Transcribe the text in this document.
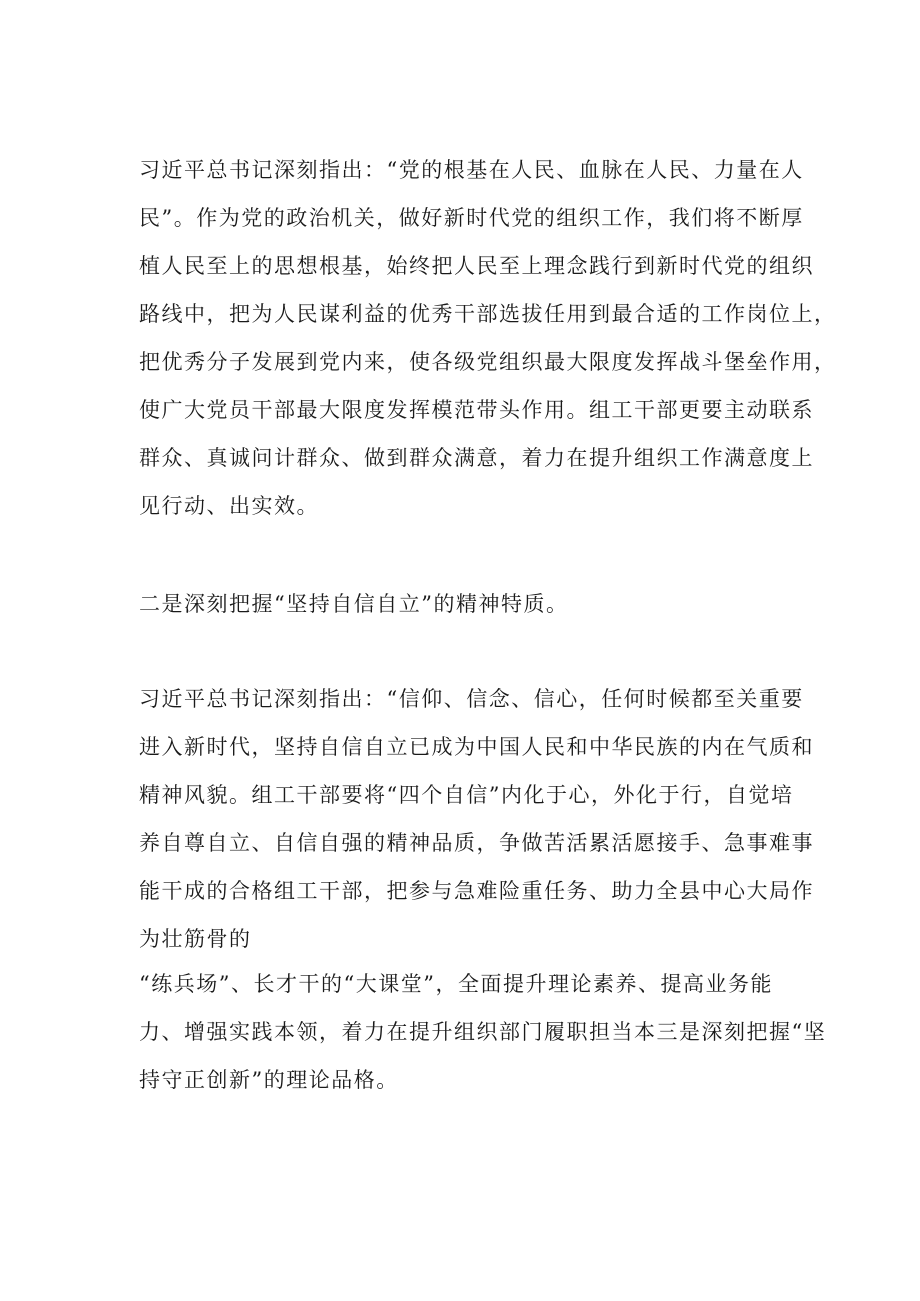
习近平总书记深刻指出：“党的根基在人民、血脉在人民、力量在人
民”。作为党的政治机关，做好新时代党的组织工作，我们将不断厚
植人民至上的思想根基，始终把人民至上理念践行到新时代党的组织
路线中，把为人民谋利益的优秀干部选拔任用到最合适的工作岗位上，
把优秀分子发展到党内来，使各级党组织最大限度发挥战斗堡垒作用，
使广大党员干部最大限度发挥模范带头作用。组工干部更要主动联系
群众、真诚问计群众、做到群众满意，着力在提升组织工作满意度上
见行动、出实效。
二是深刻把握“坚持自信自立”的精神特质。
习近平总书记深刻指出：“信仰、信念、信心，任何时候都至关重要
进入新时代，坚持自信自立已成为中国人民和中华民族的内在气质和
精神风貌。组工干部要将“四个自信”内化于心，外化于行，自觉培
养自尊自立、自信自强的精神品质，争做苦活累活愿接手、急事难事
能干成的合格组工干部，把参与急难险重任务、助力全县中心大局作
为壮筋骨的
“练兵场”、长才干的“大课堂”，全面提升理论素养、提高业务能
力、增强实践本领，着力在提升组织部门履职担当本三是深刻把握“坚
持守正创新”的理论品格。
